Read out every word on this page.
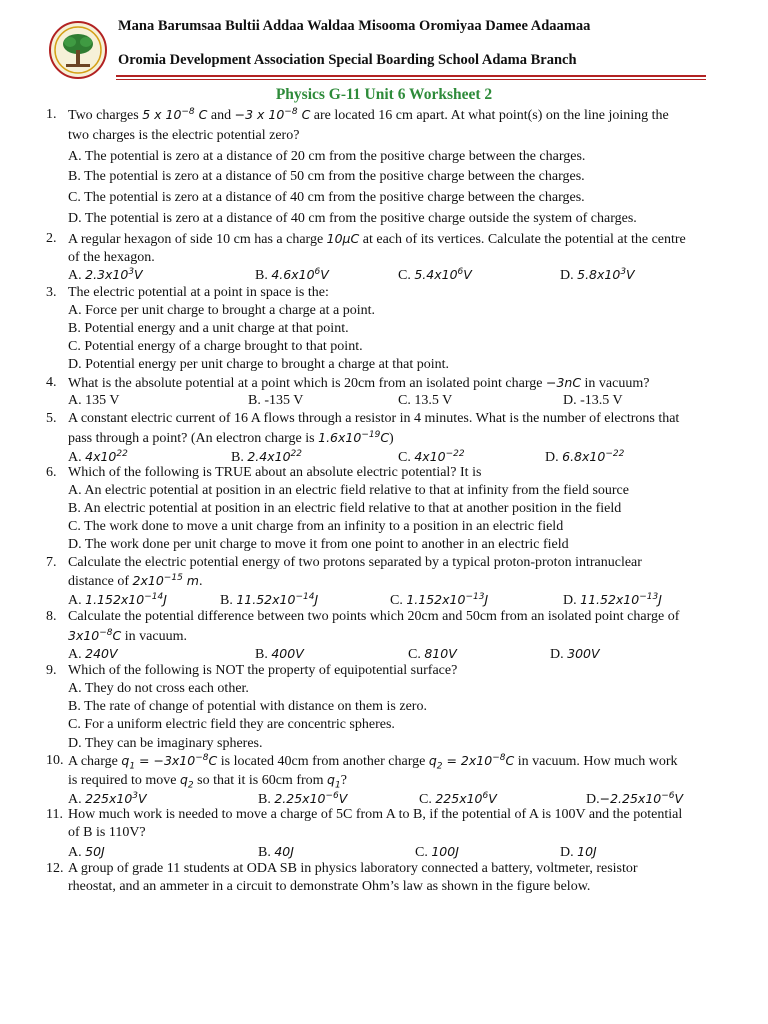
Mana Barumsaa Bultii Addaa Waldaa Misooma Oromiyaa Damee Adaamaa
Oromia Development Association Special Boarding School Adama Branch
Physics G-11 Unit 6 Worksheet 2
1. Two charges 5 x $10^{-8}$ C and −3 x $10^{-8}$ C are located 16 cm apart. At what point(s) on the line joining the
two charges is the electric potential zero?
A. The potential is zero at a distance of 20 cm from the positive charge between the charges.
B. The potential is zero at a distance of 50 cm from the positive charge between the charges.
C. The potential is zero at a distance of 40 cm from the positive charge between the charges.
D. The potential is zero at a distance of 40 cm from the positive charge outside the system of charges.
2. A regular hexagon of side 10 cm has a charge 10μC at each of its vertices. Calculate the potential at the centre
of the hexagon.
A. $2.3x10^3V$	B. $4.6x10^6V$	C. $5.4x10^6V$	D. $5.8x10^3V$
3. The electric potential at a point in space is the:
A. Force per unit charge to brought a charge at a point.
B. Potential energy and a unit charge at that point.
C. Potential energy of a charge brought to that point.
D. Potential energy per unit charge to brought a charge at that point.
4. What is the absolute potential at a point which is 20cm from an isolated point charge −3nC in vacuum?
A. 135 V	B. -135 V	C. 13.5 V	D. -13.5 V
5. A constant electric current of 16 A flows through a resistor in 4 minutes. What is the number of electrons that
pass through a point? (An electron charge is $1.6x10^{-19}C$)
A. $4x10^{22}$	B. $2.4x10^{22}$	C. $4x10^{-22}$	D. $6.8x10^{-22}$
6. Which of the following is TRUE about an absolute electric potential? It is
A. An electric potential at position in an electric field relative to that at infinity from the field source
B. An electric potential at position in an electric field relative to that at another position in the field
C. The work done to move a unit charge from an infinity to a position in an electric field
D. The work done per unit charge to move it from one point to another in an electric field
7. Calculate the electric potential energy of two protons separated by a typical proton-proton intranuclear
distance of $2x10^{-15}$ m.
A. $1.152x10^{-14}J$	B. $11.52x10^{-14}J$	C. $1.152x10^{-13}J$	D. $11.52x10^{-13}J$
8. Calculate the potential difference between two points which 20cm and 50cm from an isolated point charge of
$3x10^{-8}C$ in vacuum.
A. 240V	B. 400V	C. 810V	D. 300V
9. Which of the following is NOT the property of equipotential surface?
A. They do not cross each other.
B. The rate of change of potential with distance on them is zero.
C. For a uniform electric field they are concentric spheres.
D. They can be imaginary spheres.
10. A charge $q_1 = -3x10^{-8}C$ is located 40cm from another charge $q_2 = 2x10^{-8}C$ in vacuum. How much work
is required to move $q_2$ so that it is 60cm from $q_1$?
A. $225x10^3V$	B. $2.25x10^{-6}V$	C. $225x10^6V$	$D.-2.25x10^{-6}V$
11. How much work is needed to move a charge of 5C from A to B, if the potential of A is 100V and the potential
of B is 110V?
A. 50J	B. 40J	C. 100J	D. 10J
12. A group of grade 11 students at ODA SB in physics laboratory connected a battery, voltmeter, resistor
rheostat, and an ammeter in a circuit to demonstrate Ohm’s law as shown in the figure below.
